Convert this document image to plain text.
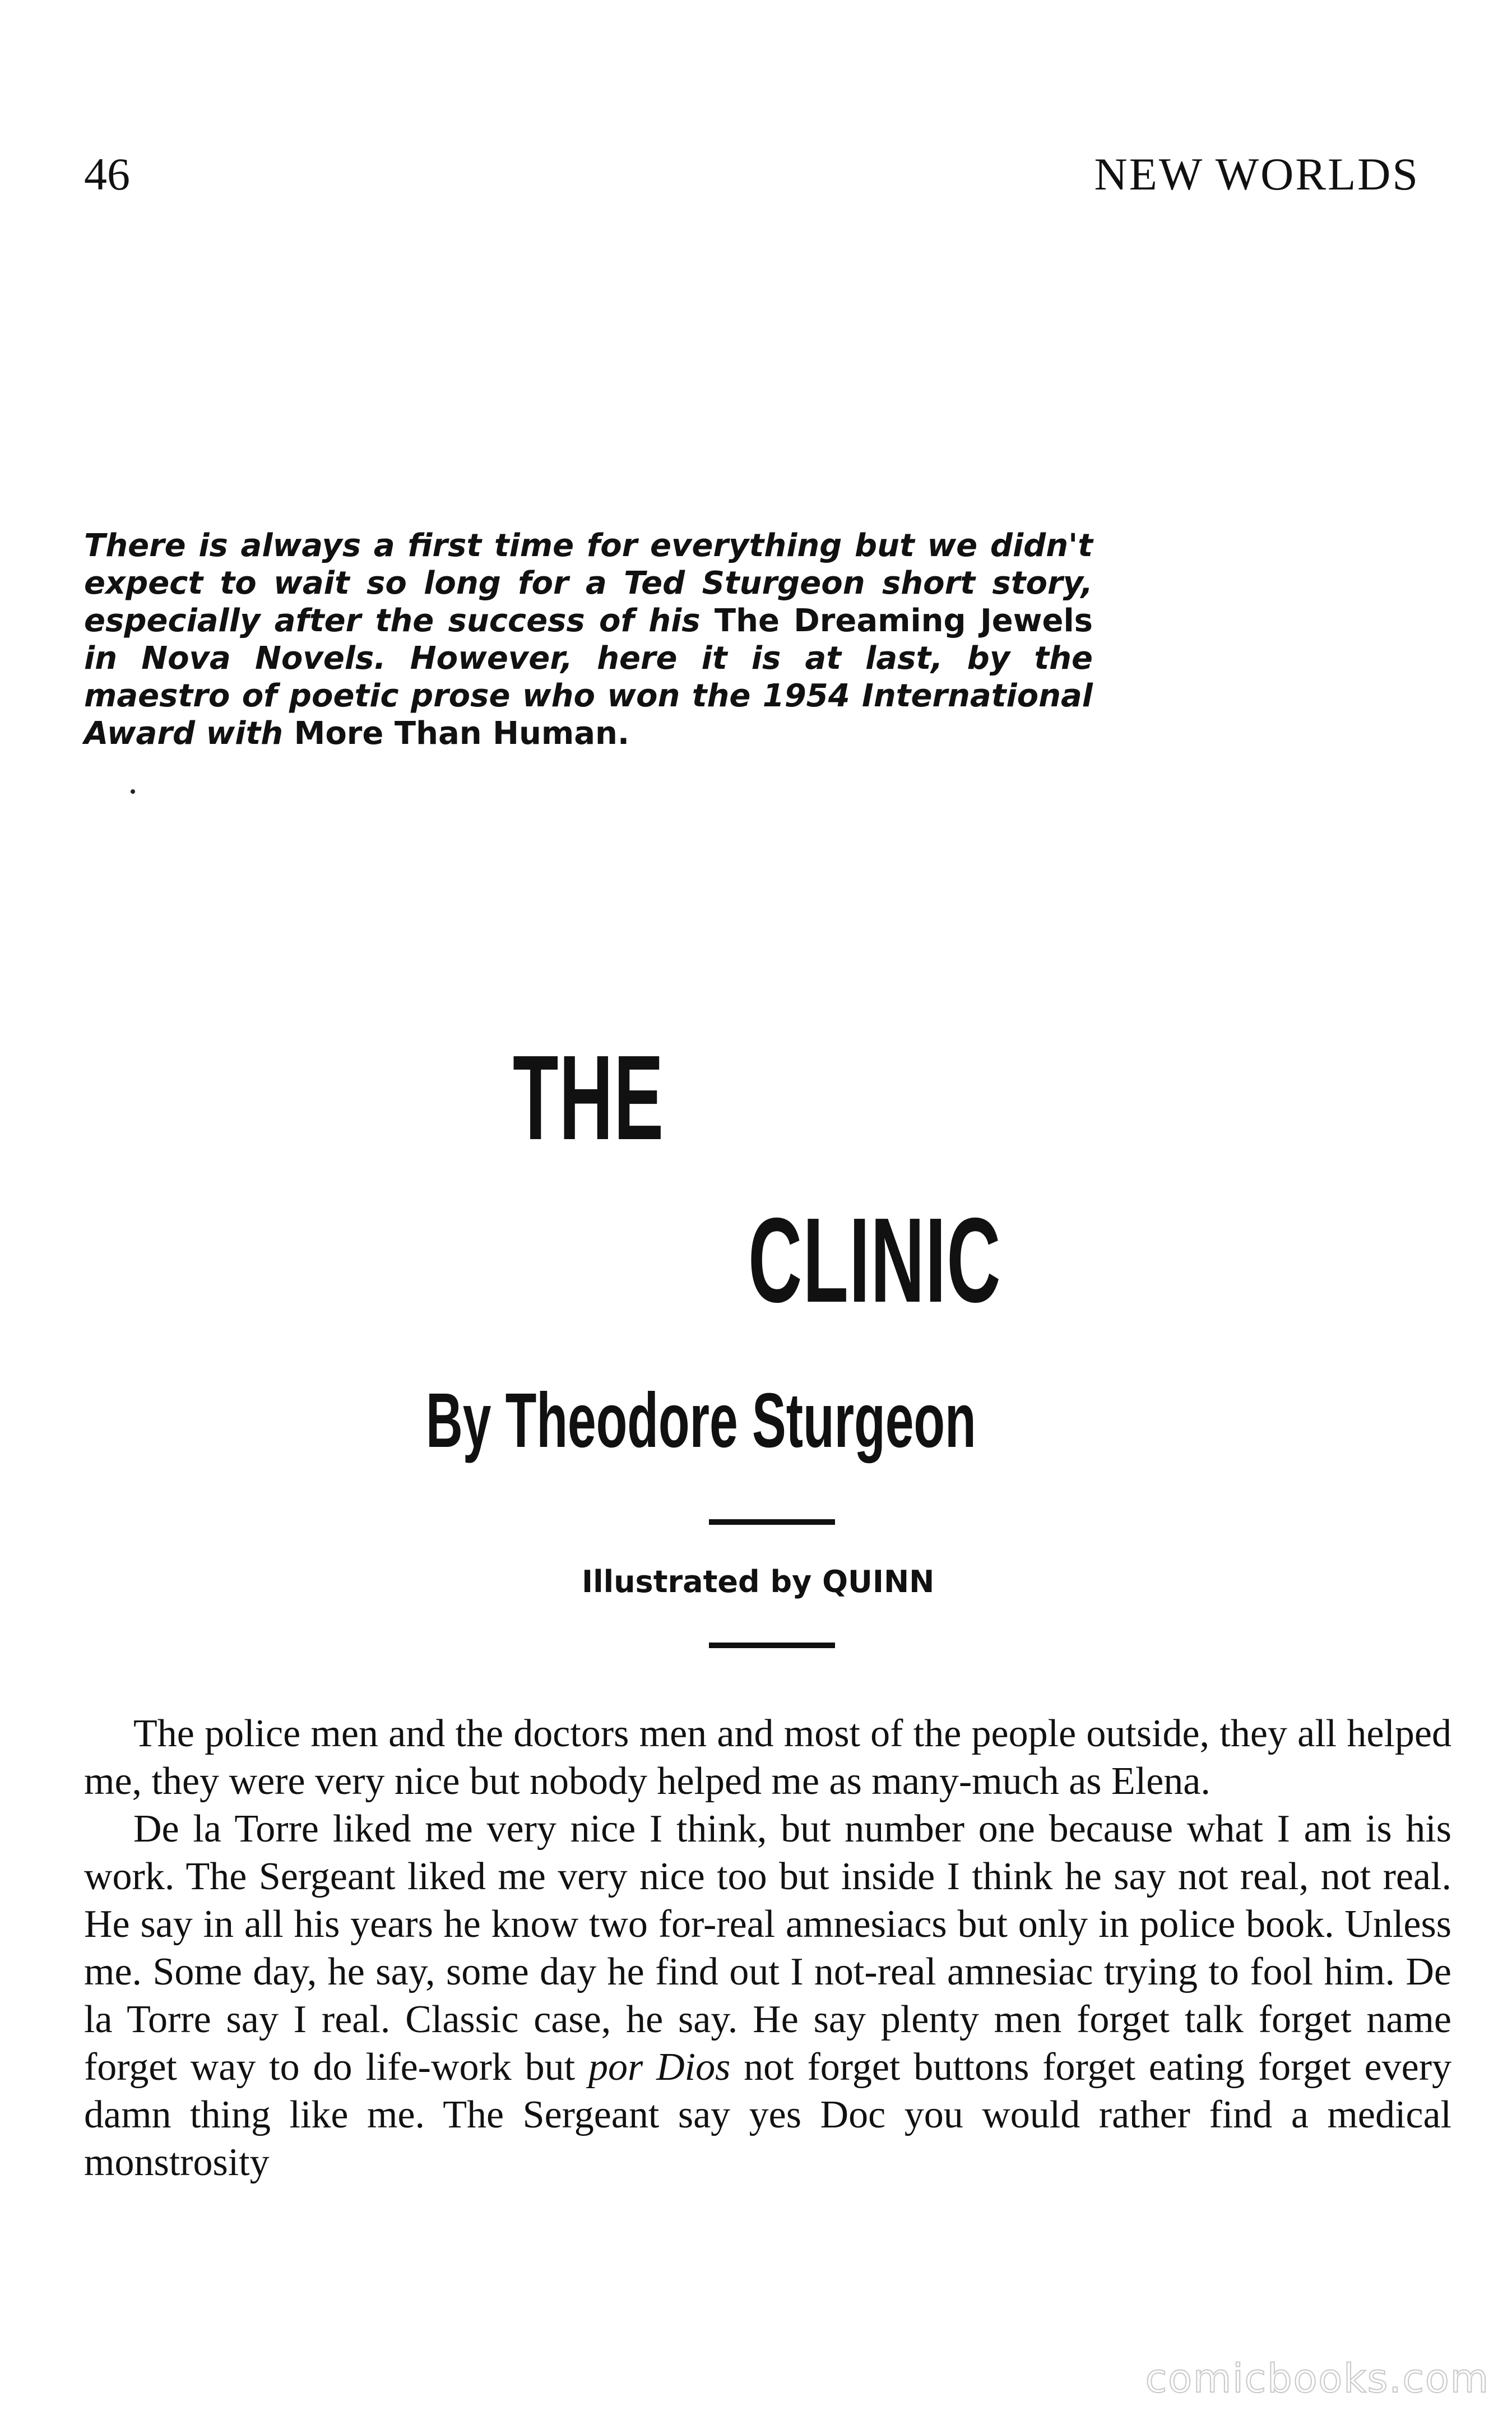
46	NEW WORLDS

There is always a first time for everything but we didn't expect to wait so long for a Ted Sturgeon short story, especially after the success of his The Dreaming Jewels in Nova Novels. However, here it is at last, by the maestro of poetic prose who won the 1954 International Award with More Than Human.

THE
CLINIC
By Theodore Sturgeon
Illustrated by QUINN

The police men and the doctors men and most of the people outside, they all helped me, they were very nice but nobody helped me as many-much as Elena.

De la Torre liked me very nice I think, but number one because what I am is his work. The Sergeant liked me very nice too but inside I think he say not real, not real. He say in all his years he know two for-real amnesiacs but only in police book. Unless me. Some day, he say, some day he find out I not-real amnesiac trying to fool him. De la Torre say I real. Classic case, he say. He say plenty men forget talk forget name forget way to do life-work but por Dios not forget buttons forget eating forget every damn thing like me. The Sergeant say yes Doc you would rather find a medical monstrosity

comicbooks.com
